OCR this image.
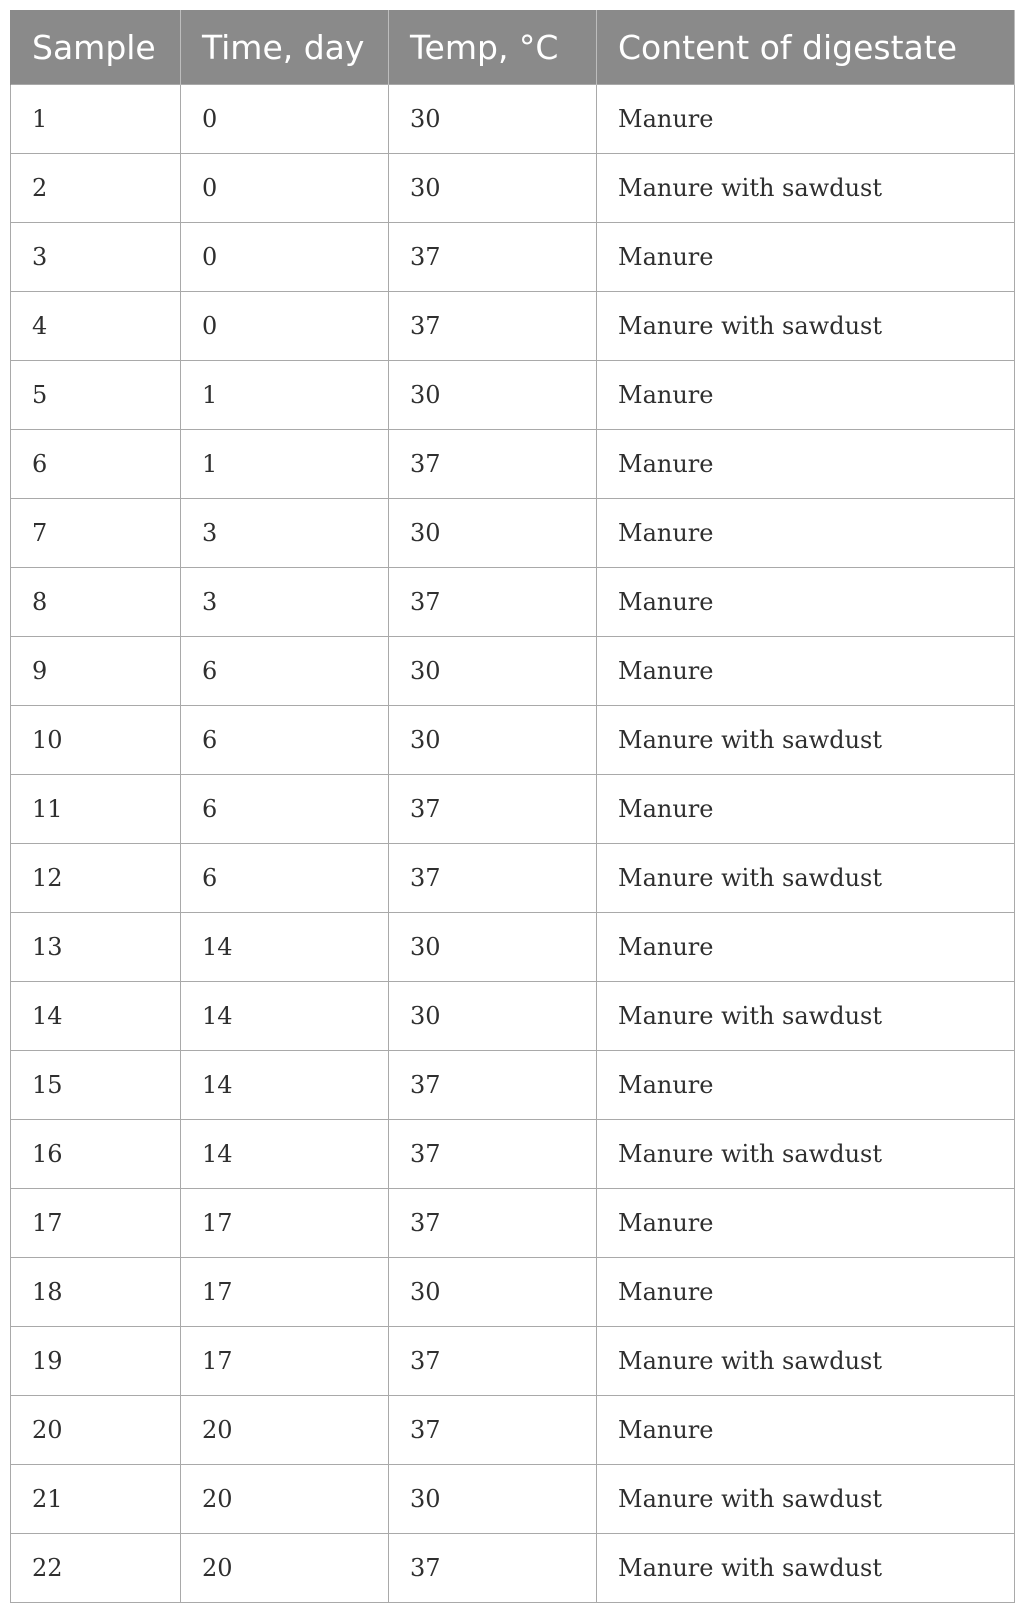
Sample	Time, day	Temp, °C	Content of digestate
1	0	30	Manure
2	0	30	Manure with sawdust
3	0	37	Manure
4	0	37	Manure with sawdust
5	1	30	Manure
6	1	37	Manure
7	3	30	Manure
8	3	37	Manure
9	6	30	Manure
10	6	30	Manure with sawdust
11	6	37	Manure
12	6	37	Manure with sawdust
13	14	30	Manure
14	14	30	Manure with sawdust
15	14	37	Manure
16	14	37	Manure with sawdust
17	17	37	Manure
18	17	30	Manure
19	17	37	Manure with sawdust
20	20	37	Manure
21	20	30	Manure with sawdust
22	20	37	Manure with sawdust
